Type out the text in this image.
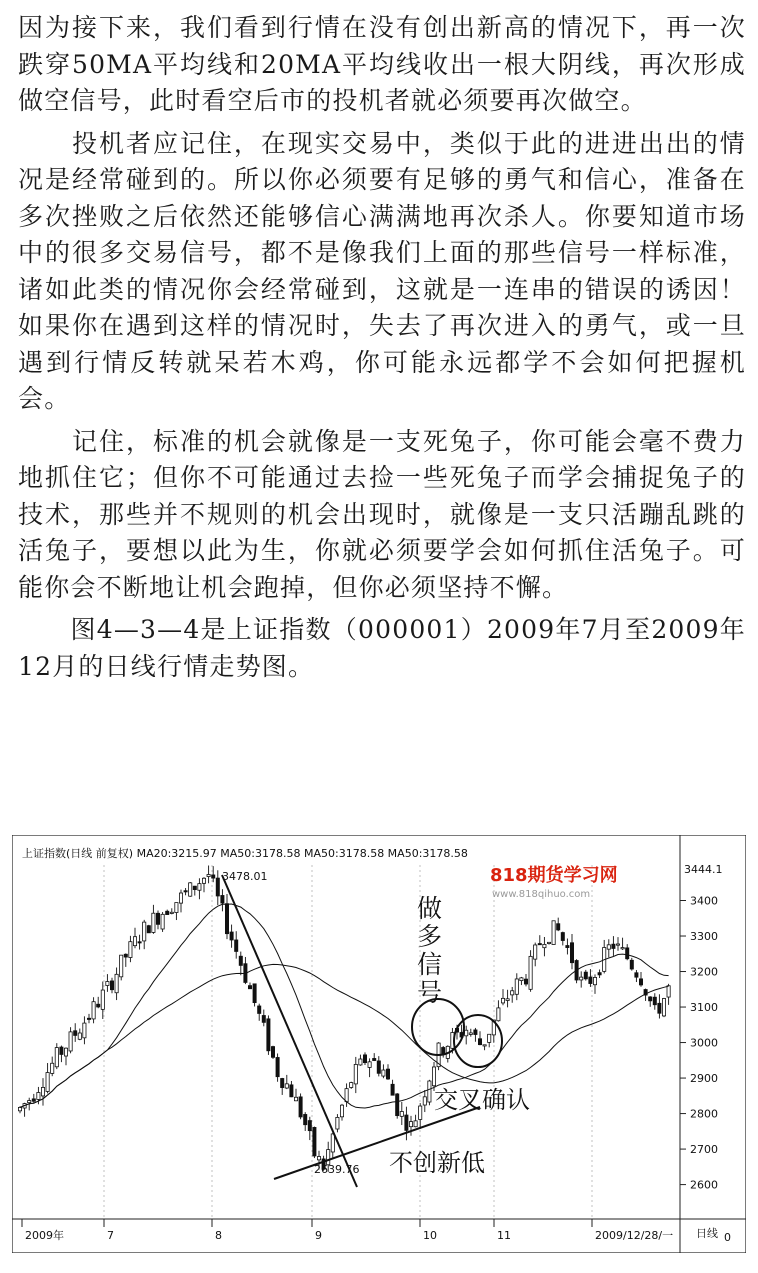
因为接下来，我们看到行情在没有创出新高的情况下，再一次跌穿50MA平均线和20MA平均线收出一根大阴线，再次形成做空信号，此时看空后市的投机者就必须要再次做空。

　　投机者应记住，在现实交易中，类似于此的进进出出的情况是经常碰到的。所以你必须要有足够的勇气和信心，准备在多次挫败之后依然还能够信心满满地再次杀人。你要知道市场中的很多交易信号，都不是像我们上面的那些信号一样标准，诸如此类的情况你会经常碰到，这就是一连串的错误的诱因！如果你在遇到这样的情况时，失去了再次进入的勇气，或一旦遇到行情反转就呆若木鸡，你可能永远都学不会如何把握机会。

　　记住，标准的机会就像是一支死兔子，你可能会毫不费力地抓住它；但你不可能通过去捡一些死兔子而学会捕捉兔子的技术，那些并不规则的机会出现时，就像是一支只活蹦乱跳的活兔子，要想以此为生，你就必须要学会如何抓住活兔子。可能你会不断地让机会跑掉，但你必须坚持不懈。

　　图4—3—4是上证指数（000001）2009年7月至2009年12月的日线行情走势图。

上证指数(日线 前复权) MA20:3215.97 MA50:3178.58 MA50:3178.58 MA50:3178.58
2009年	7	8	9	10	11	2009/12/28/一
2600
2700
2800
2900
3000
3100
3200
3300
3400
3478.01
2639.76
做
多
信
号
交叉确认
不创新低
818期货学习网
www.818qihuo.com
3444.1
日线 0
